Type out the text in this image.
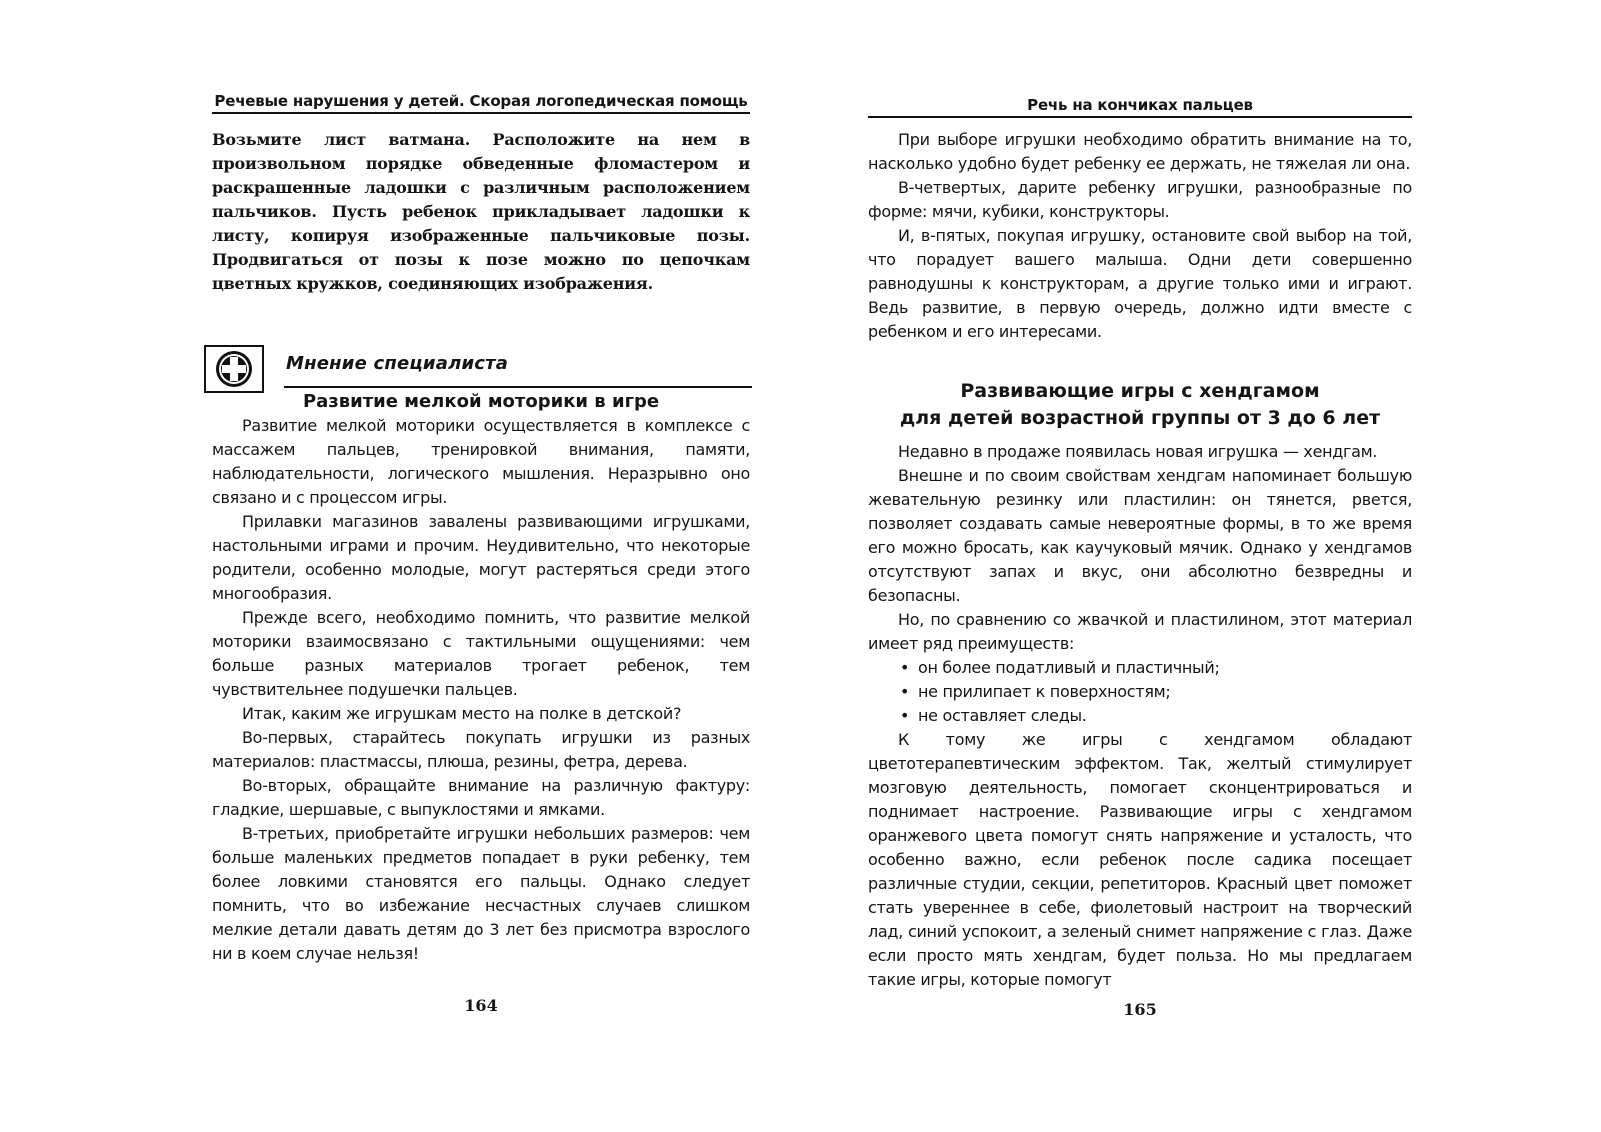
Речевые нарушения у детей. Скорая логопедическая помощь
Возьмите лист ватмана. Расположите на нем в произвольном порядке обведенные фломастером и раскрашенные ладошки с различным расположением пальчиков. Пусть ребенок прикладывает ладошки к листу, копируя изображенные пальчиковые позы. Продвигаться от позы к позе можно по цепочкам цветных кружков, соединяющих изображения.
Мнение специалиста
Развитие мелкой моторики в игре

Развитие мелкой моторики осуществляется в комплексе с массажем пальцев, тренировкой внимания, памяти, наблюдательности, логического мышления. Неразрывно оно связано и с процессом игры.

Прилавки магазинов завалены развивающими игрушками, настольными играми и прочим. Неудивительно, что некоторые родители, особенно молодые, могут растеряться среди этого многообразия.

Прежде всего, необходимо помнить, что развитие мелкой моторики взаимосвязано с тактильными ощущениями: чем больше разных материалов трогает ребенок, тем чувствительнее подушечки пальцев.

Итак, каким же игрушкам место на полке в детской?

Во-первых, старайтесь покупать игрушки из разных материалов: пластмассы, плюша, резины, фетра, дерева.

Во-вторых, обращайте внимание на различную фактуру: гладкие, шершавые, с выпуклостями и ямками.

В-третьих, приобретайте игрушки небольших размеров: чем больше маленьких предметов попадает в руки ребенку, тем более ловкими становятся его пальцы. Однако следует помнить, что во избежание несчастных случаев слишком мелкие детали давать детям до 3 лет без присмотра взрослого ни в коем случае нельзя!

164
Речь на кончиках пальцев

При выборе игрушки необходимо обратить внимание на то, насколько удобно будет ребенку ее держать, не тяжелая ли она.

В-четвертых, дарите ребенку игрушки, разнообразные по форме: мячи, кубики, конструкторы.

И, в-пятых, покупая игрушку, остановите свой выбор на той, что порадует вашего малыша. Одни дети совершенно равнодушны к конструкторам, а другие только ими и играют. Ведь развитие, в первую очередь, должно идти вместе с ребенком и его интересами.

Развивающие игры с хендгамом
для детей возрастной группы от 3 до 6 лет

Недавно в продаже появилась новая игрушка — хендгам.

Внешне и по своим свойствам хендгам напоминает большую жевательную резинку или пластилин: он тянется, рвется, позволяет создавать самые невероятные формы, в то же время его можно бросать, как каучуковый мячик. Однако у хендгамов отсутствуют запах и вкус, они абсолютно безвредны и безопасны.

Но, по сравнению со жвачкой и пластилином, этот материал имеет ряд преимуществ:

• он более податливый и пластичный;
• не прилипает к поверхностям;
• не оставляет следы.

К тому же игры с хендгамом обладают цветотерапевтическим эффектом. Так, желтый стимулирует мозговую деятельность, помогает сконцентрироваться и поднимает настроение. Развивающие игры с хендгамом оранжевого цвета помогут снять напряжение и усталость, что особенно важно, если ребенок после садика посещает различные студии, секции, репетиторов. Красный цвет поможет стать увереннее в себе, фиолетовый настроит на творческий лад, синий успокоит, а зеленый снимет напряжение с глаз. Даже если просто мять хендгам, будет польза. Но мы предлагаем такие игры, которые помогут

165
